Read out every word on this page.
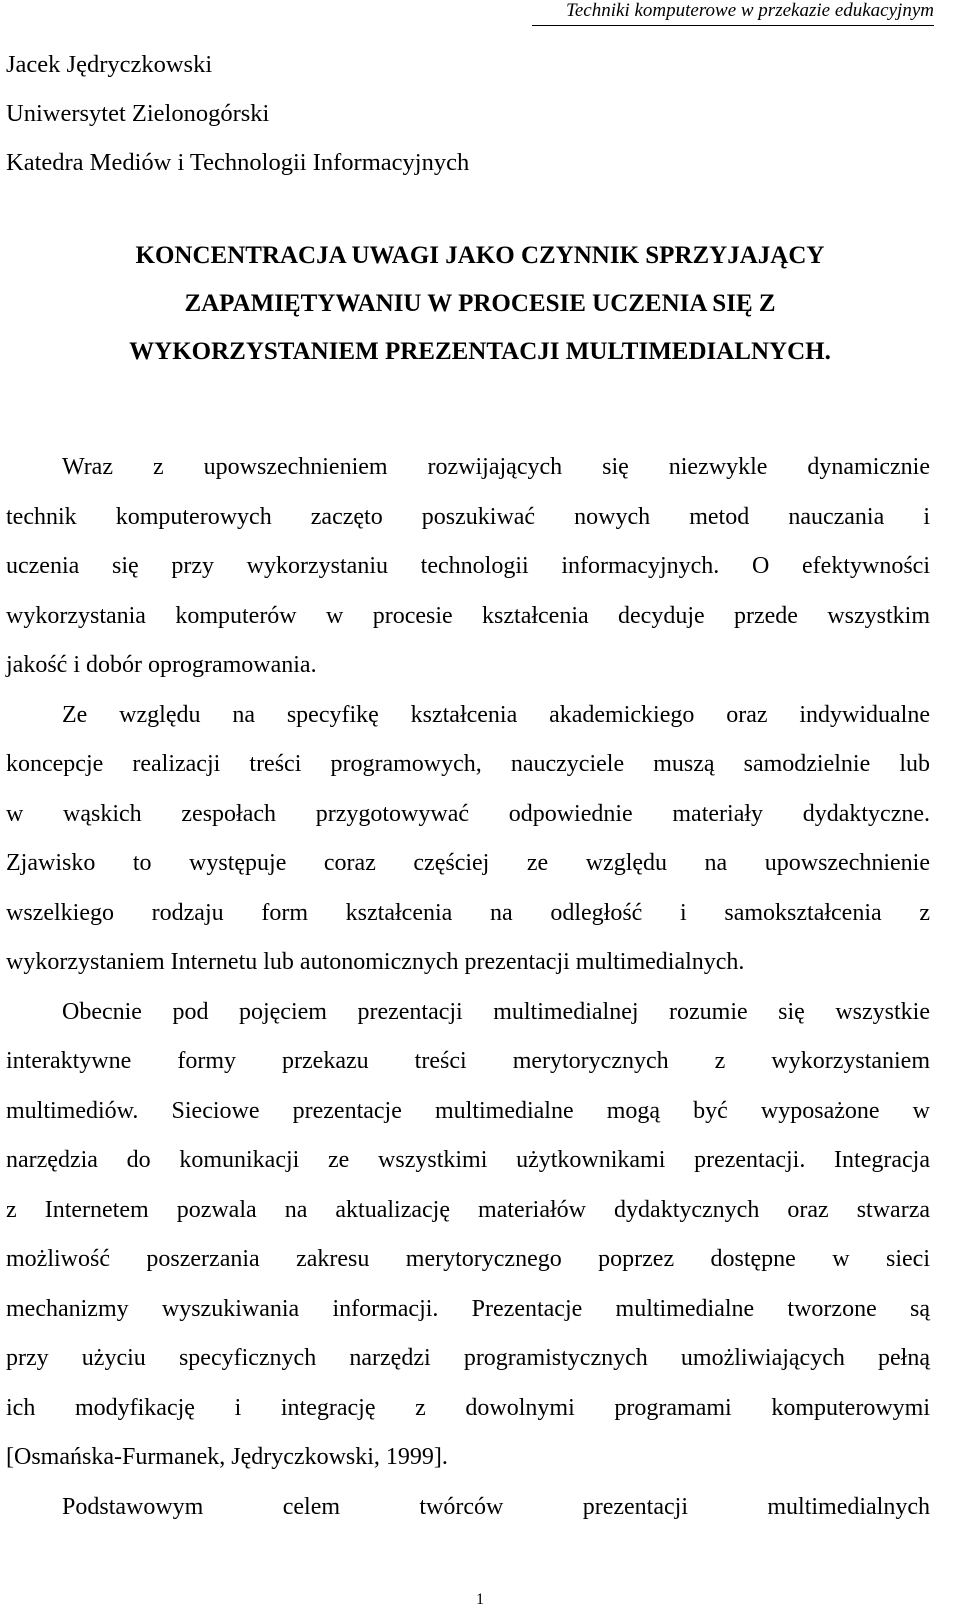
Techniki komputerowe w przekazie edukacyjnym
Jacek Jędryczkowski
Uniwersytet Zielonogórski
Katedra Mediów i Technologii Informacyjnych
KONCENTRACJA UWAGI JAKO CZYNNIK SPRZYJAJĄCY
ZAPAMIĘTYWANIU W PROCESIE UCZENIA SIĘ Z
WYKORZYSTANIEM PREZENTACJI MULTIMEDIALNYCH.
Wraz z upowszechnieniem rozwijających się niezwykle dynamicznie
technik komputerowych zaczęto poszukiwać nowych metod nauczania i
uczenia się przy wykorzystaniu technologii informacyjnych. O efektywności
wykorzystania komputerów w procesie kształcenia decyduje przede wszystkim
jakość i dobór oprogramowania.
Ze względu na specyfikę kształcenia akademickiego oraz indywidualne
koncepcje realizacji treści programowych, nauczyciele muszą samodzielnie lub
w wąskich zespołach przygotowywać odpowiednie materiały dydaktyczne.
Zjawisko to występuje coraz częściej ze względu na upowszechnienie
wszelkiego rodzaju form kształcenia na odległość i samokształcenia z
wykorzystaniem Internetu lub autonomicznych prezentacji multimedialnych.
Obecnie pod pojęciem prezentacji multimedialnej rozumie się wszystkie
interaktywne formy przekazu treści merytorycznych z wykorzystaniem
multimediów. Sieciowe prezentacje multimedialne mogą być wyposażone w
narzędzia do komunikacji ze wszystkimi użytkownikami prezentacji. Integracja
z Internetem pozwala na aktualizację materiałów dydaktycznych oraz stwarza
możliwość poszerzania zakresu merytorycznego poprzez dostępne w sieci
mechanizmy wyszukiwania informacji. Prezentacje multimedialne tworzone są
przy użyciu specyficznych narzędzi programistycznych umożliwiających pełną
ich modyfikację i integrację z dowolnymi programami komputerowymi
[Osmańska-Furmanek, Jędryczkowski, 1999].
Podstawowym celem twórców prezentacji multimedialnych
1
